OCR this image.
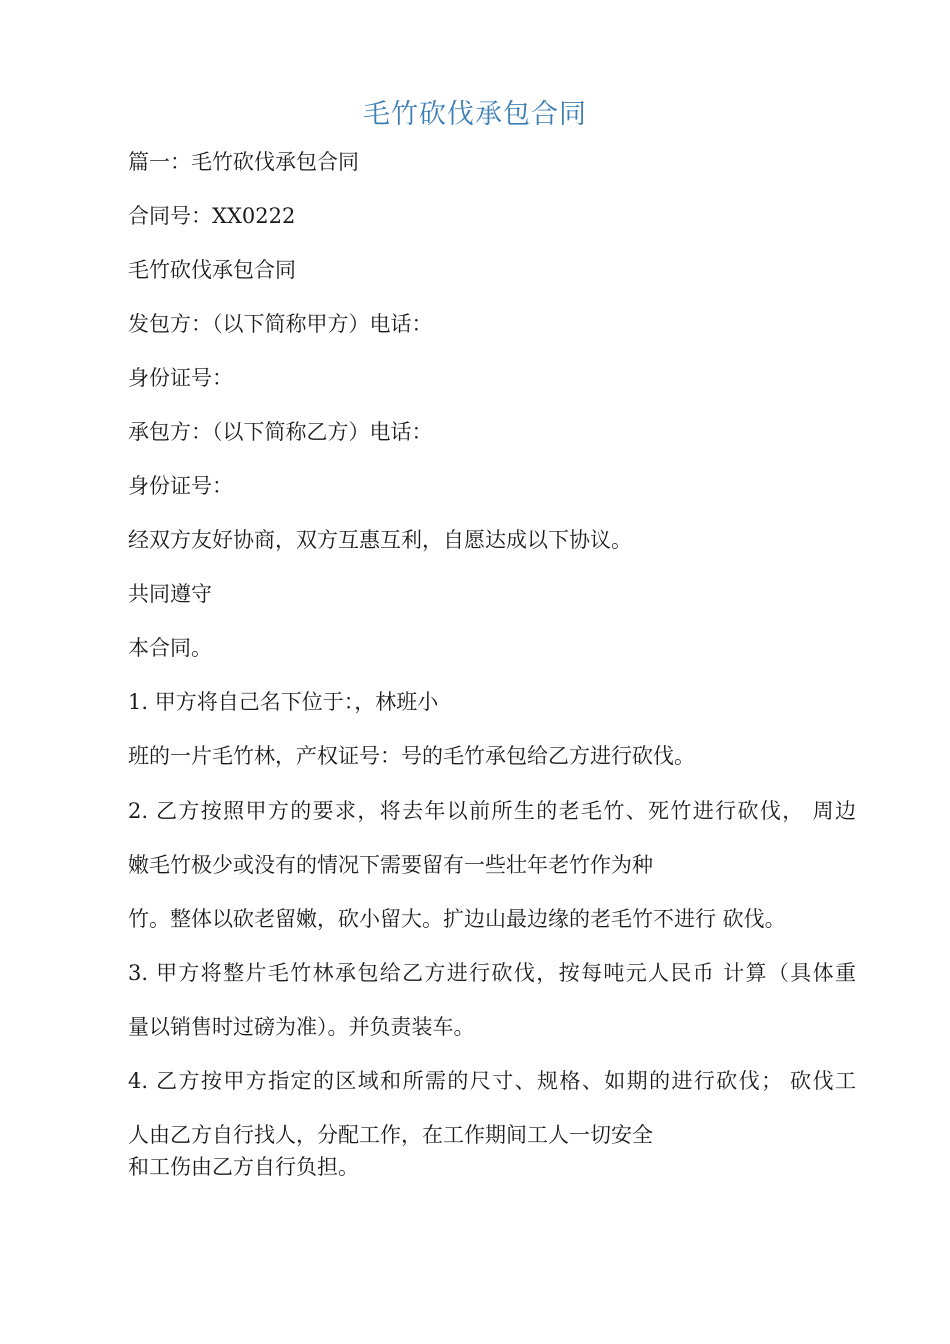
毛竹砍伐承包合同

篇一：毛竹砍伐承包合同

合同号：XX0222

毛竹砍伐承包合同

发包方：（以下简称甲方）电话：

身份证号：

承包方：（以下简称乙方）电话：

身份证号：

经双方友好协商，双方互惠互利，自愿达成以下协议。

共同遵守

本合同。

1. 甲方将自己名下位于：，林班小

班的一片毛竹林，产权证号：号的毛竹承包给乙方进行砍伐。

2. 乙方按照甲方的要求，将去年以前所生的老毛竹、死竹进行砍伐， 周边

嫩毛竹极少或没有的情况下需要留有一些壮年老竹作为种

竹。整体以砍老留嫩，砍小留大。扩边山最边缘的老毛竹不进行 砍伐。

3. 甲方将整片毛竹林承包给乙方进行砍伐，按每吨元人民币 计算（具体重

量以销售时过磅为准）。并负责装车。

4. 乙方按甲方指定的区域和所需的尺寸、规格、如期的进行砍伐； 砍伐工

人由乙方自行找人，分配工作，在工作期间工人一切安全

和工伤由乙方自行负担。
